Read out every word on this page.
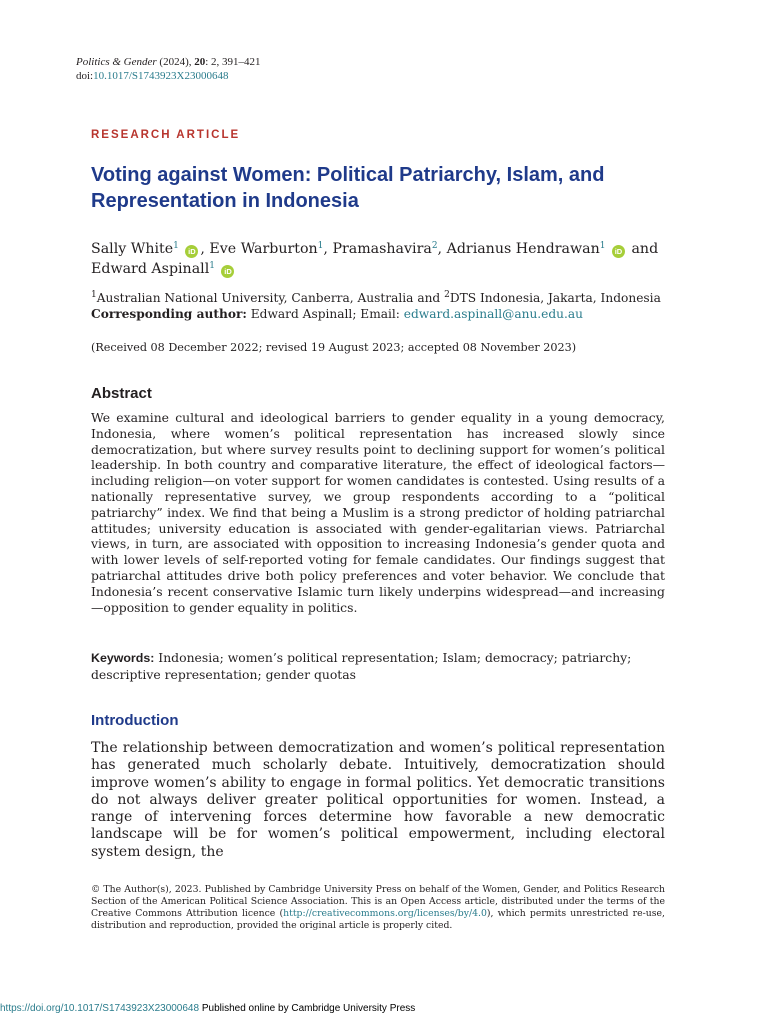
Politics & Gender (2024), 20: 2, 391–421
doi:10.1017/S1743923X23000648
RESEARCH ARTICLE
Voting against Women: Political Patriarchy, Islam, and Representation in Indonesia
Sally White$^1$ iD , Eve Warburton$^1$, Pramashavira$^2$, Adrianus Hendrawan$^1$ iD and
Edward Aspinall$^1$ iD
$^1$Australian National University, Canberra, Australia and $^2$DTS Indonesia, Jakarta, Indonesia
Corresponding author: Edward Aspinall; Email: edward.aspinall@anu.edu.au
(Received 08 December 2022; revised 19 August 2023; accepted 08 November 2023)
Abstract
We examine cultural and ideological barriers to gender equality in a young democracy, Indonesia, where women’s political representation has increased slowly since democratization, but where survey results point to declining support for women’s political leadership. In both country and comparative literature, the effect of ideological factors—including religion—on voter support for women candidates is contested. Using results of a nationally representative survey, we group respondents according to a “political patriarchy” index. We find that being a Muslim is a strong predictor of holding patriarchal attitudes; university education is associated with gender-egalitarian views. Patriarchal views, in turn, are associated with opposition to increasing Indonesia’s gender quota and with lower levels of self-reported voting for female candidates. Our findings suggest that patriarchal attitudes drive both policy preferences and voter behavior. We conclude that Indonesia’s recent conservative Islamic turn likely underpins widespread—and increasing—opposition to gender equality in politics.
Keywords: Indonesia; women’s political representation; Islam; democracy; patriarchy; descriptive representation; gender quotas
Introduction
The relationship between democratization and women’s political representation has generated much scholarly debate. Intuitively, democratization should improve women’s ability to engage in formal politics. Yet democratic transitions do not always deliver greater political opportunities for women. Instead, a range of intervening forces determine how favorable a new democratic landscape will be for women’s political empowerment, including electoral system design, the
© The Author(s), 2023. Published by Cambridge University Press on behalf of the Women, Gender, and Politics Research Section of the American Political Science Association. This is an Open Access article, distributed under the terms of the Creative Commons Attribution licence (http://creativecommons.org/licenses/by/4.0), which permits unrestricted re-use, distribution and reproduction, provided the original article is properly cited.
https://doi.org/10.1017/S1743923X23000648 Published online by Cambridge University Press
